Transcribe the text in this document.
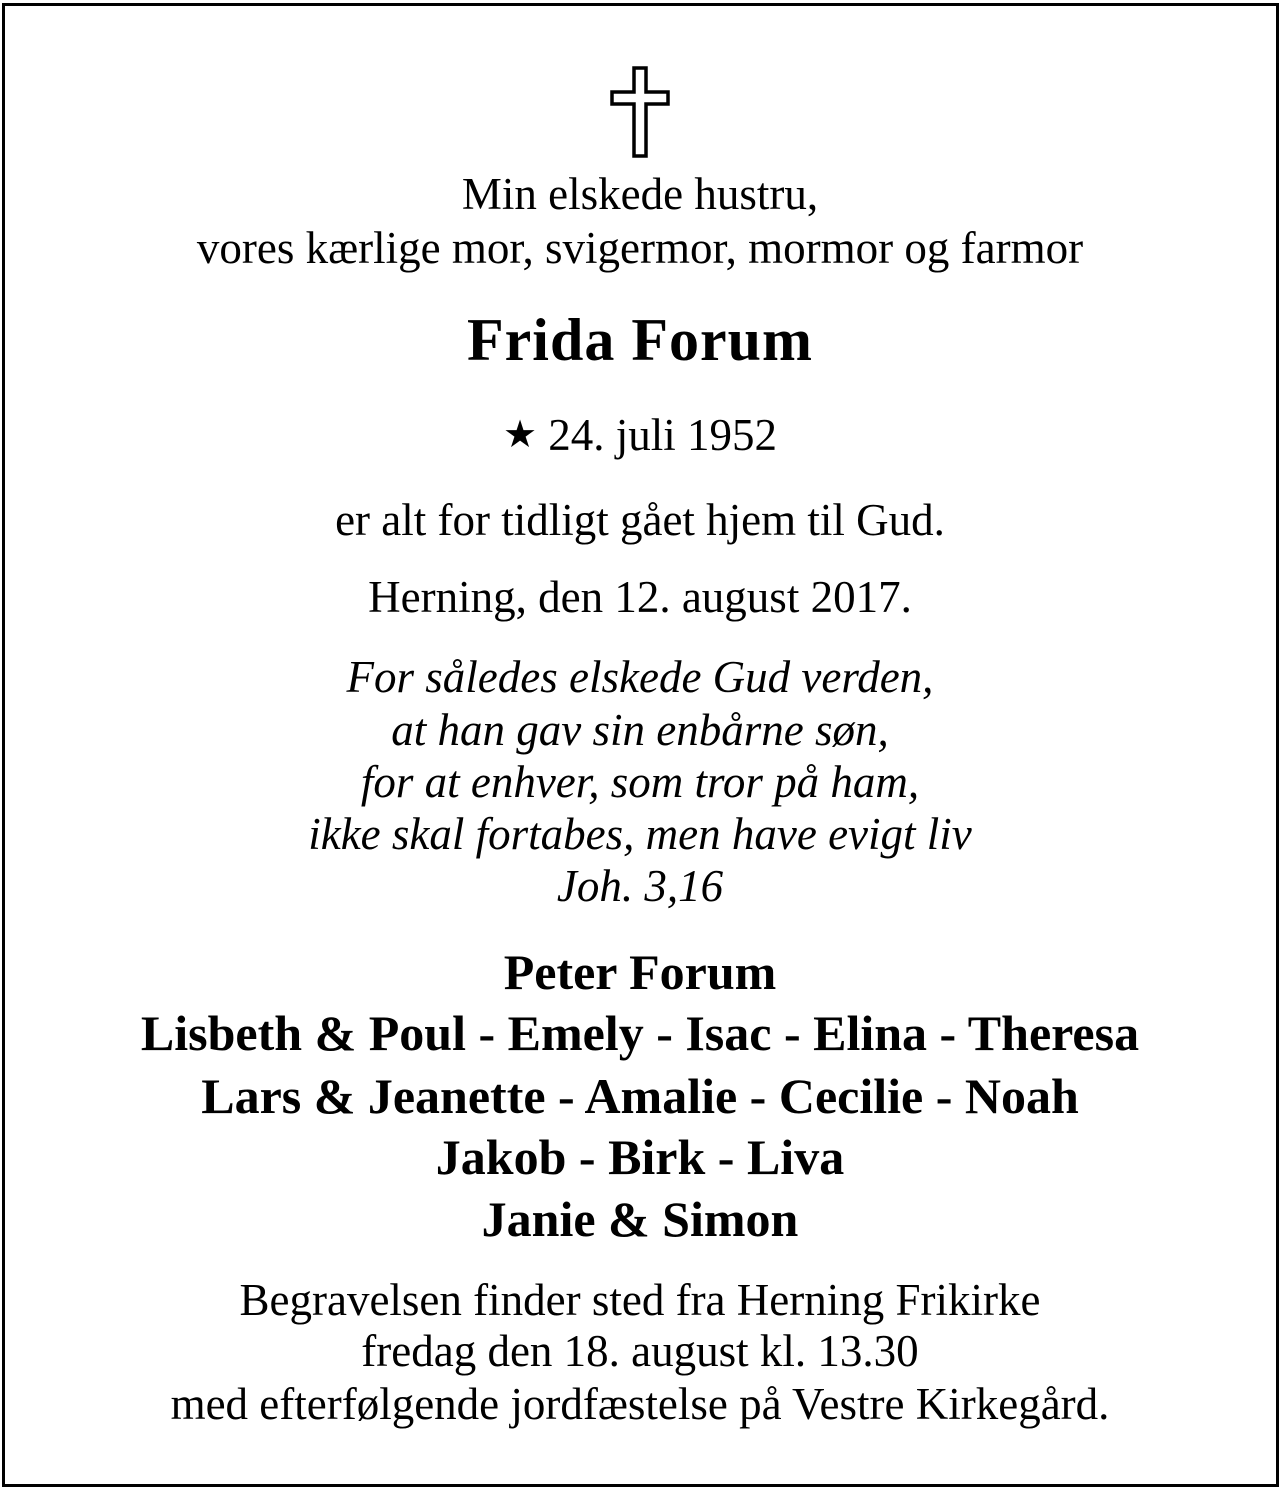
Min elskede hustru,
vores kærlige mor, svigermor, mormor og farmor
Frida Forum
★ 24. juli 1952
er alt for tidligt gået hjem til Gud.
Herning, den 12. august 2017.
For således elskede Gud verden,
at han gav sin enbårne søn,
for at enhver, som tror på ham,
ikke skal fortabes, men have evigt liv
Joh. 3,16
Peter Forum
Lisbeth & Poul - Emely - Isac - Elina - Theresa
Lars & Jeanette - Amalie - Cecilie - Noah
Jakob - Birk - Liva
Janie & Simon
Begravelsen finder sted fra Herning Frikirke
fredag den 18. august kl. 13.30
med efterfølgende jordfæstelse på Vestre Kirkegård.
